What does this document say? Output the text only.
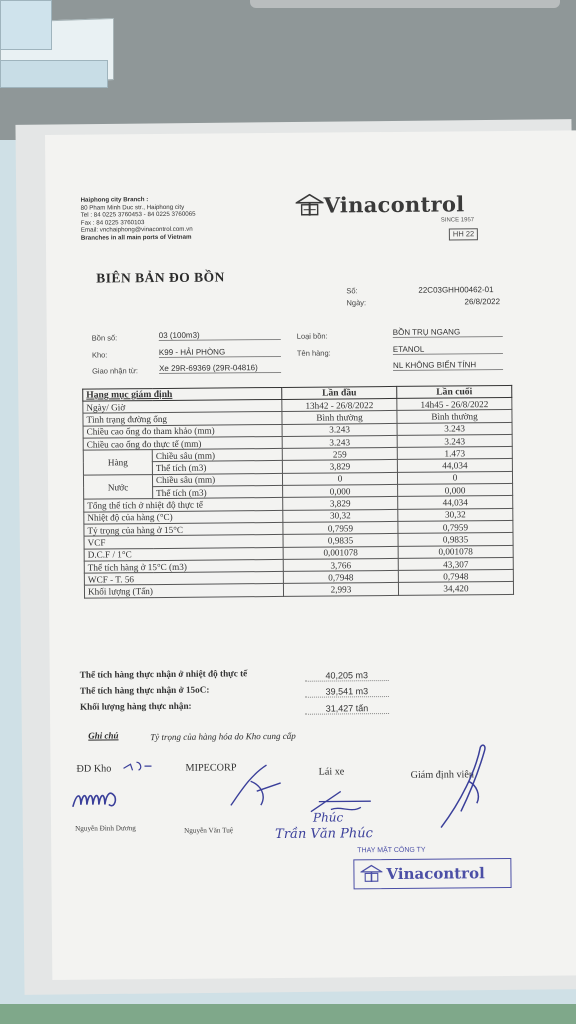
Haiphong city Branch :
80 Pham Minh Duc str., Haiphong city
Tel : 84 0225 3760453 - 84 0225 3760065
Fax : 84 0225 3760103
Email: vnchaiphong@vinacontrol.com.vn
Branches in all main ports of Vietnam
Vinacontrol
SINCE 1957
HH 22
BIÊN BẢN ĐO BỒN
Số:	22C03GHH00462-01
Ngày:	26/8/2022
Bồn số:	03 (100m3)
Kho:	K99 - HẢI PHÒNG
Giao nhận từ:	Xe 29R-69369 (29R-04816)
Loại bồn:	BỒN TRỤ NGANG
Tên hàng:	ETANOL
NL KHÔNG BIẾN TÍNH
Hạng mục giám định		Lần đầu	Lần cuối
Ngày/ Giờ		13h42 - 26/8/2022	14h45 - 26/8/2022
Tình trạng đường ống		Bình thường	Bình thường
Chiều cao ống đo tham khảo (mm)		3.243	3.243
Chiều cao ống đo thực tế (mm)		3.243	3.243
Hàng	Chiều sâu (mm)	259	1.473
	Thể tích (m3)	3,829	44,034
Nước	Chiều sâu (mm)	0	0
	Thể tích (m3)	0,000	0,000
Tổng thể tích ở nhiệt độ thực tế		3,829	44,034
Nhiệt độ của hàng (°C)		30,32	30,32
Tỷ trọng của hàng ở 15°C		0,7959	0,7959
VCF		0,9835	0,9835
D.C.F / 1°C		0,001078	0,001078
Thể tích hàng ở 15°C (m3)		3,766	43,307
WCF - T. 56		0,7948	0,7948
Khối lượng (Tấn)		2,993	34,420
Thể tích hàng thực nhận ở nhiệt độ thực tế	40,205 m3
Thể tích hàng thực nhận ở 15oC:	39,541 m3
Khối lượng hàng thực nhận:	31,427 tấn
Ghi chú	Tỷ trọng của hàng hóa do Kho cung cấp
ĐD Kho	MIPECORP	Lái xe	Giám định viên
Phúc
Trần Văn Phúc
Nguyễn Đình Dương	Nguyễn Văn Tuệ
THAY MẶT CÔNG TY
Vinacontrol
